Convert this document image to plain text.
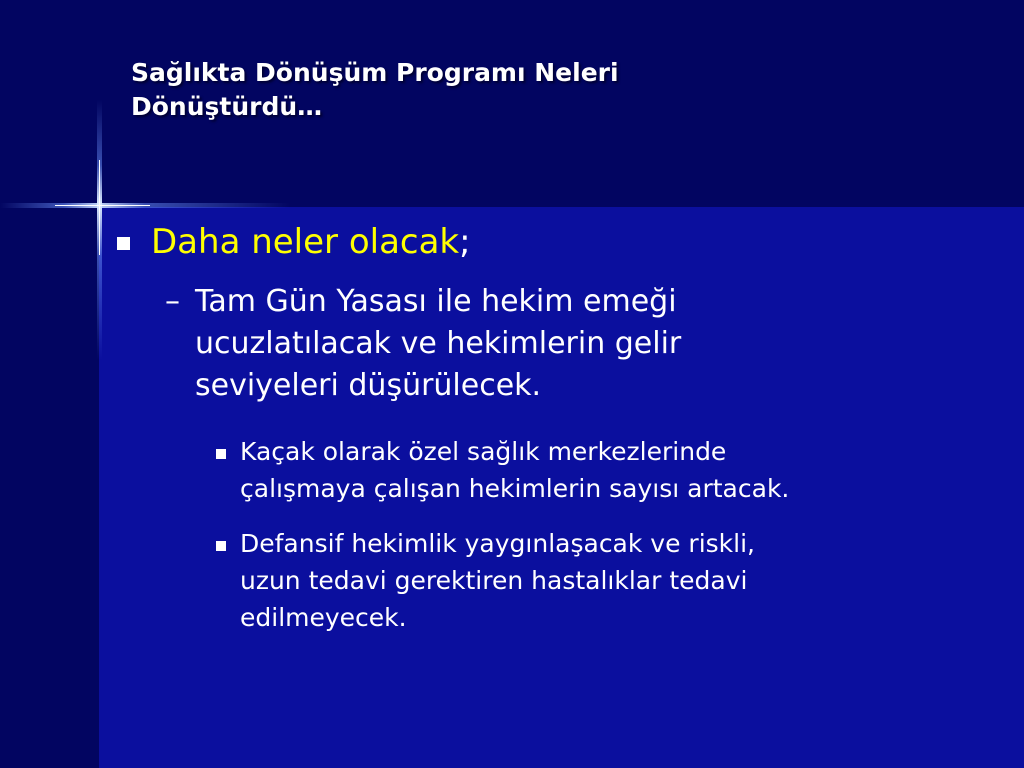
Sağlıkta Dönüşüm Programı Neleri
Dönüştürdü…

Daha neler olacak;

– Tam Gün Yasası ile hekim emeği
ucuzlatılacak ve hekimlerin gelir
seviyeleri düşürülecek.

Kaçak olarak özel sağlık merkezlerinde
çalışmaya çalışan hekimlerin sayısı artacak.

Defansif hekimlik yaygınlaşacak ve riskli,
uzun tedavi gerektiren hastalıklar tedavi
edilmeyecek.
